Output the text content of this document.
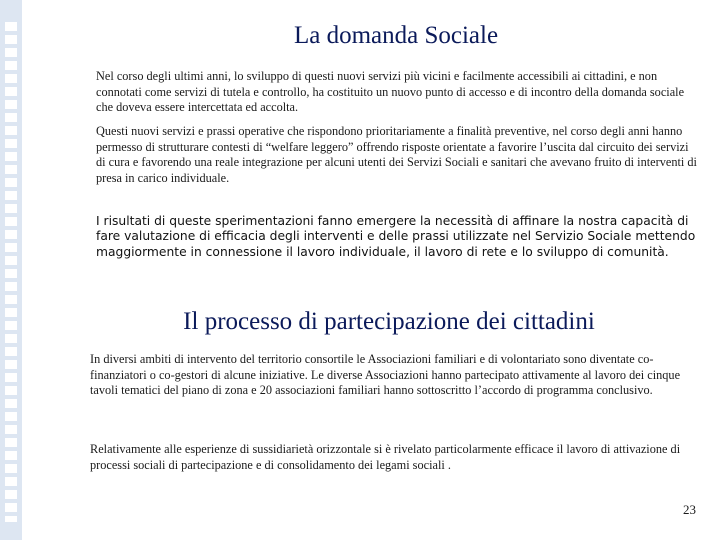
La domanda Sociale

Nel corso degli ultimi anni, lo sviluppo di questi nuovi servizi più vicini e facilmente accessibili ai cittadini, e non connotati come servizi di tutela e controllo, ha costituito un nuovo punto di accesso e di incontro della domanda sociale che doveva essere intercettata ed accolta.

Questi nuovi servizi e prassi operative che rispondono prioritariamente a finalità preventive, nel corso degli anni hanno permesso di strutturare contesti di “welfare leggero” offrendo risposte orientate a favorire l’uscita dal circuito dei servizi di cura e favorendo una reale integrazione per alcuni utenti dei Servizi Sociali e sanitari che avevano fruito di interventi di presa in carico individuale.

I risultati di queste sperimentazioni fanno emergere la necessità di affinare la nostra capacità di fare valutazione di efficacia degli interventi e delle prassi utilizzate nel Servizio Sociale mettendo maggiormente in connessione il lavoro individuale, il lavoro di rete e lo sviluppo di comunità.

Il processo di partecipazione dei cittadini

In diversi ambiti di intervento del territorio consortile le Associazioni familiari e di volontariato sono diventate co-finanziatori o co-gestori di alcune iniziative. Le diverse Associazioni hanno partecipato attivamente al lavoro dei cinque tavoli tematici del piano di zona e 20 associazioni familiari hanno sottoscritto l’accordo di programma conclusivo.

Relativamente alle esperienze di sussidiarietà orizzontale si è rivelato particolarmente efficace il lavoro di attivazione di processi sociali di partecipazione e di consolidamento dei legami sociali .

23
